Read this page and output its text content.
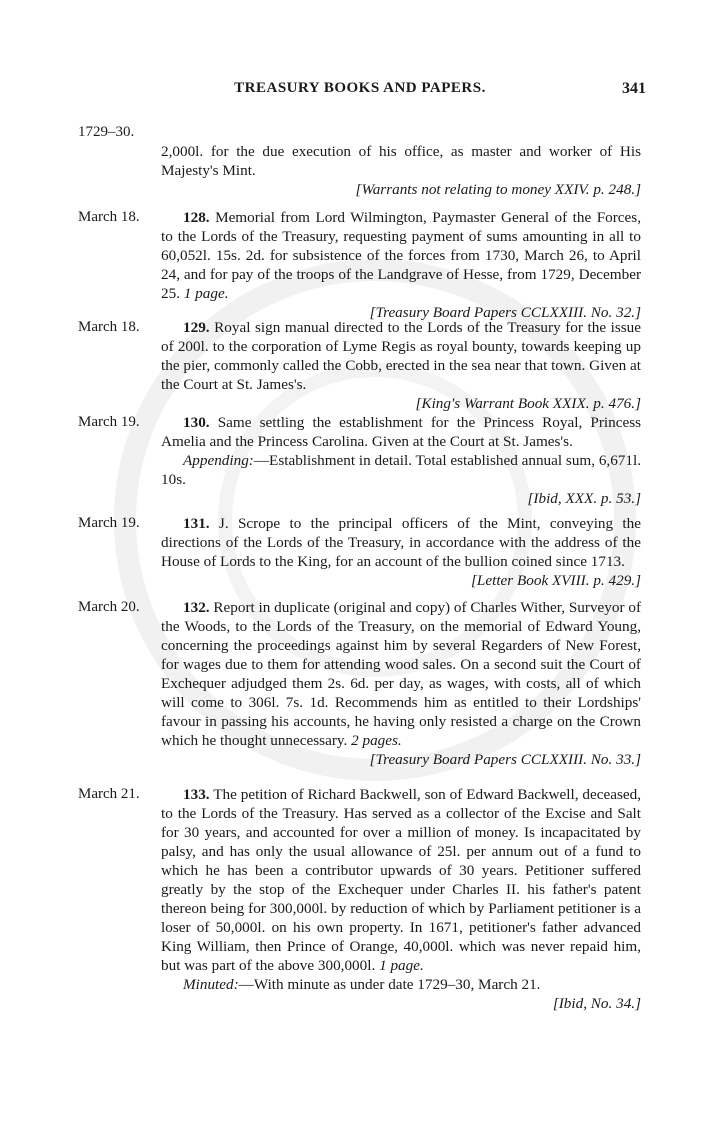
TREASURY BOOKS AND PAPERS.	341
1729–30.

2,000l. for the due execution of his office, as master and worker of His Majesty's Mint.

[Warrants not relating to money XXIV. p. 248.]

March 18.	128. Memorial from Lord Wilmington, Paymaster General of the Forces, to the Lords of the Treasury, requesting payment of sums amounting in all to 60,052l. 15s. 2d. for subsistence of the forces from 1730, March 26, to April 24, and for pay of the troops of the Landgrave of Hesse, from 1729, December 25. 1 page.

[Treasury Board Papers CCLXXIII. No. 32.]

March 18.	129. Royal sign manual directed to the Lords of the Treasury for the issue of 200l. to the corporation of Lyme Regis as royal bounty, towards keeping up the pier, commonly called the Cobb, erected in the sea near that town. Given at the Court at St. James's.

[King's Warrant Book XXIX. p. 476.]

March 19.	130. Same settling the establishment for the Princess Royal, Princess Amelia and the Princess Carolina. Given at the Court at St. James's.

Appending:—Establishment in detail. Total established annual sum, 6,671l. 10s.

[Ibid, XXX. p. 53.]

March 19.	131. J. Scrope to the principal officers of the Mint, conveying the directions of the Lords of the Treasury, in accordance with the address of the House of Lords to the King, for an account of the bullion coined since 1713.

[Letter Book XVIII. p. 429.]

March 20.	132. Report in duplicate (original and copy) of Charles Wither, Surveyor of the Woods, to the Lords of the Treasury, on the memorial of Edward Young, concerning the proceedings against him by several Regarders of New Forest, for wages due to them for attending wood sales. On a second suit the Court of Exchequer adjudged them 2s. 6d. per day, as wages, with costs, all of which will come to 306l. 7s. 1d. Recommends him as entitled to their Lordships' favour in passing his accounts, he having only resisted a charge on the Crown which he thought unnecessary. 2 pages.

[Treasury Board Papers CCLXXIII. No. 33.]

March 21.	133. The petition of Richard Backwell, son of Edward Backwell, deceased, to the Lords of the Treasury. Has served as a collector of the Excise and Salt for 30 years, and accounted for over a million of money. Is incapacitated by palsy, and has only the usual allowance of 25l. per annum out of a fund to which he has been a contributor upwards of 30 years. Petitioner suffered greatly by the stop of the Exchequer under Charles II. his father's patent thereon being for 300,000l. by reduction of which by Parliament petitioner is a loser of 50,000l. on his own property. In 1671, petitioner's father advanced King William, then Prince of Orange, 40,000l. which was never repaid him, but was part of the above 300,000l. 1 page.

Minuted:—With minute as under date 1729–30, March 21.

[Ibid, No. 34.]
